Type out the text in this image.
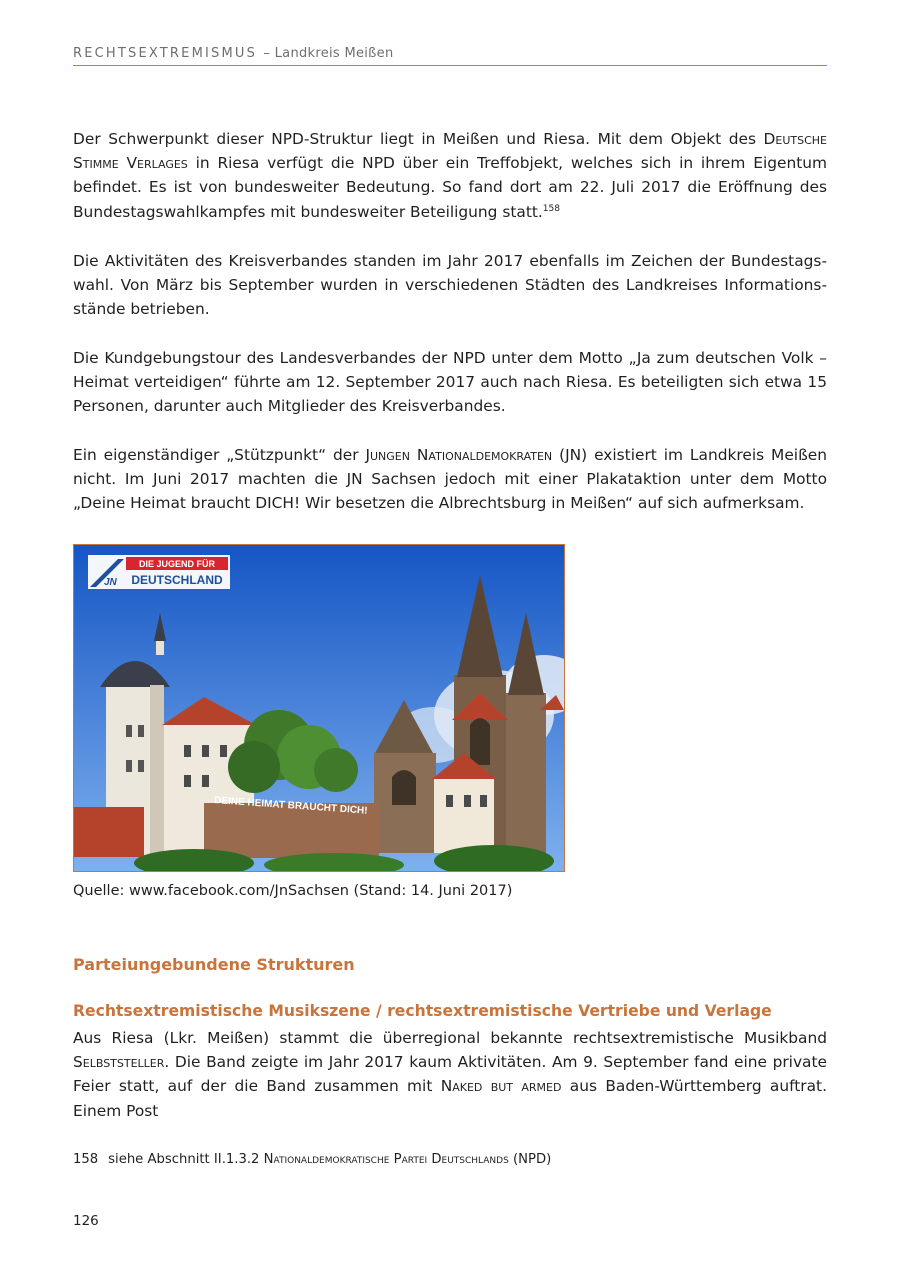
RECHTSEXTREMISMUS – Landkreis Meißen

Der Schwerpunkt dieser NPD-Struktur liegt in Meißen und Riesa. Mit dem Objekt des Deutsche Stimme Verlages in Riesa verfügt die NPD über ein Treffobjekt, welches sich in ihrem Eigentum befindet. Es ist von bundesweiter Bedeutung. So fand dort am 22. Juli 2017 die Eröffnung des Bundestagswahlkampfes mit bundesweiter Beteiligung statt.$^{158}$

Die Aktivitäten des Kreisverbandes standen im Jahr 2017 ebenfalls im Zeichen der Bundestagswahl. Von März bis September wurden in verschiedenen Städten des Landkreises Informationsstände betrieben.

Die Kundgebungstour des Landesverbandes der NPD unter dem Motto „Ja zum deutschen Volk – Heimat verteidigen“ führte am 12. September 2017 auch nach Riesa. Es beteiligten sich etwa 15 Personen, darunter auch Mitglieder des Kreisverbandes.

Ein eigenständiger „Stützpunkt“ der Jungen Nationaldemokraten (JN) existiert im Landkreis Meißen nicht. Im Juni 2017 machten die JN Sachsen jedoch mit einer Plakataktion unter dem Motto „Deine Heimat braucht DICH! Wir besetzen die Albrechtsburg in Meißen“ auf sich aufmerksam.

DIE JUGEND FÜR
DEUTSCHLAND
JN
DEINE HEIMAT BRAUCHT DICH!

Quelle: www.facebook.com/JnSachsen (Stand: 14. Juni 2017)

Parteiungebundene Strukturen
Rechtsextremistische Musikszene / rechtsextremistische Vertriebe und Verlage

Aus Riesa (Lkr. Meißen) stammt die überregional bekannte rechtsextremistische Musikband Selbststeller. Die Band zeigte im Jahr 2017 kaum Aktivitäten. Am 9. September fand eine private Feier statt, auf der die Band zusammen mit Naked but armed aus Baden-Württemberg auftrat. Einem Post

158 siehe Abschnitt II.1.3.2 Nationaldemokratische Partei Deutschlands (NPD)

126
